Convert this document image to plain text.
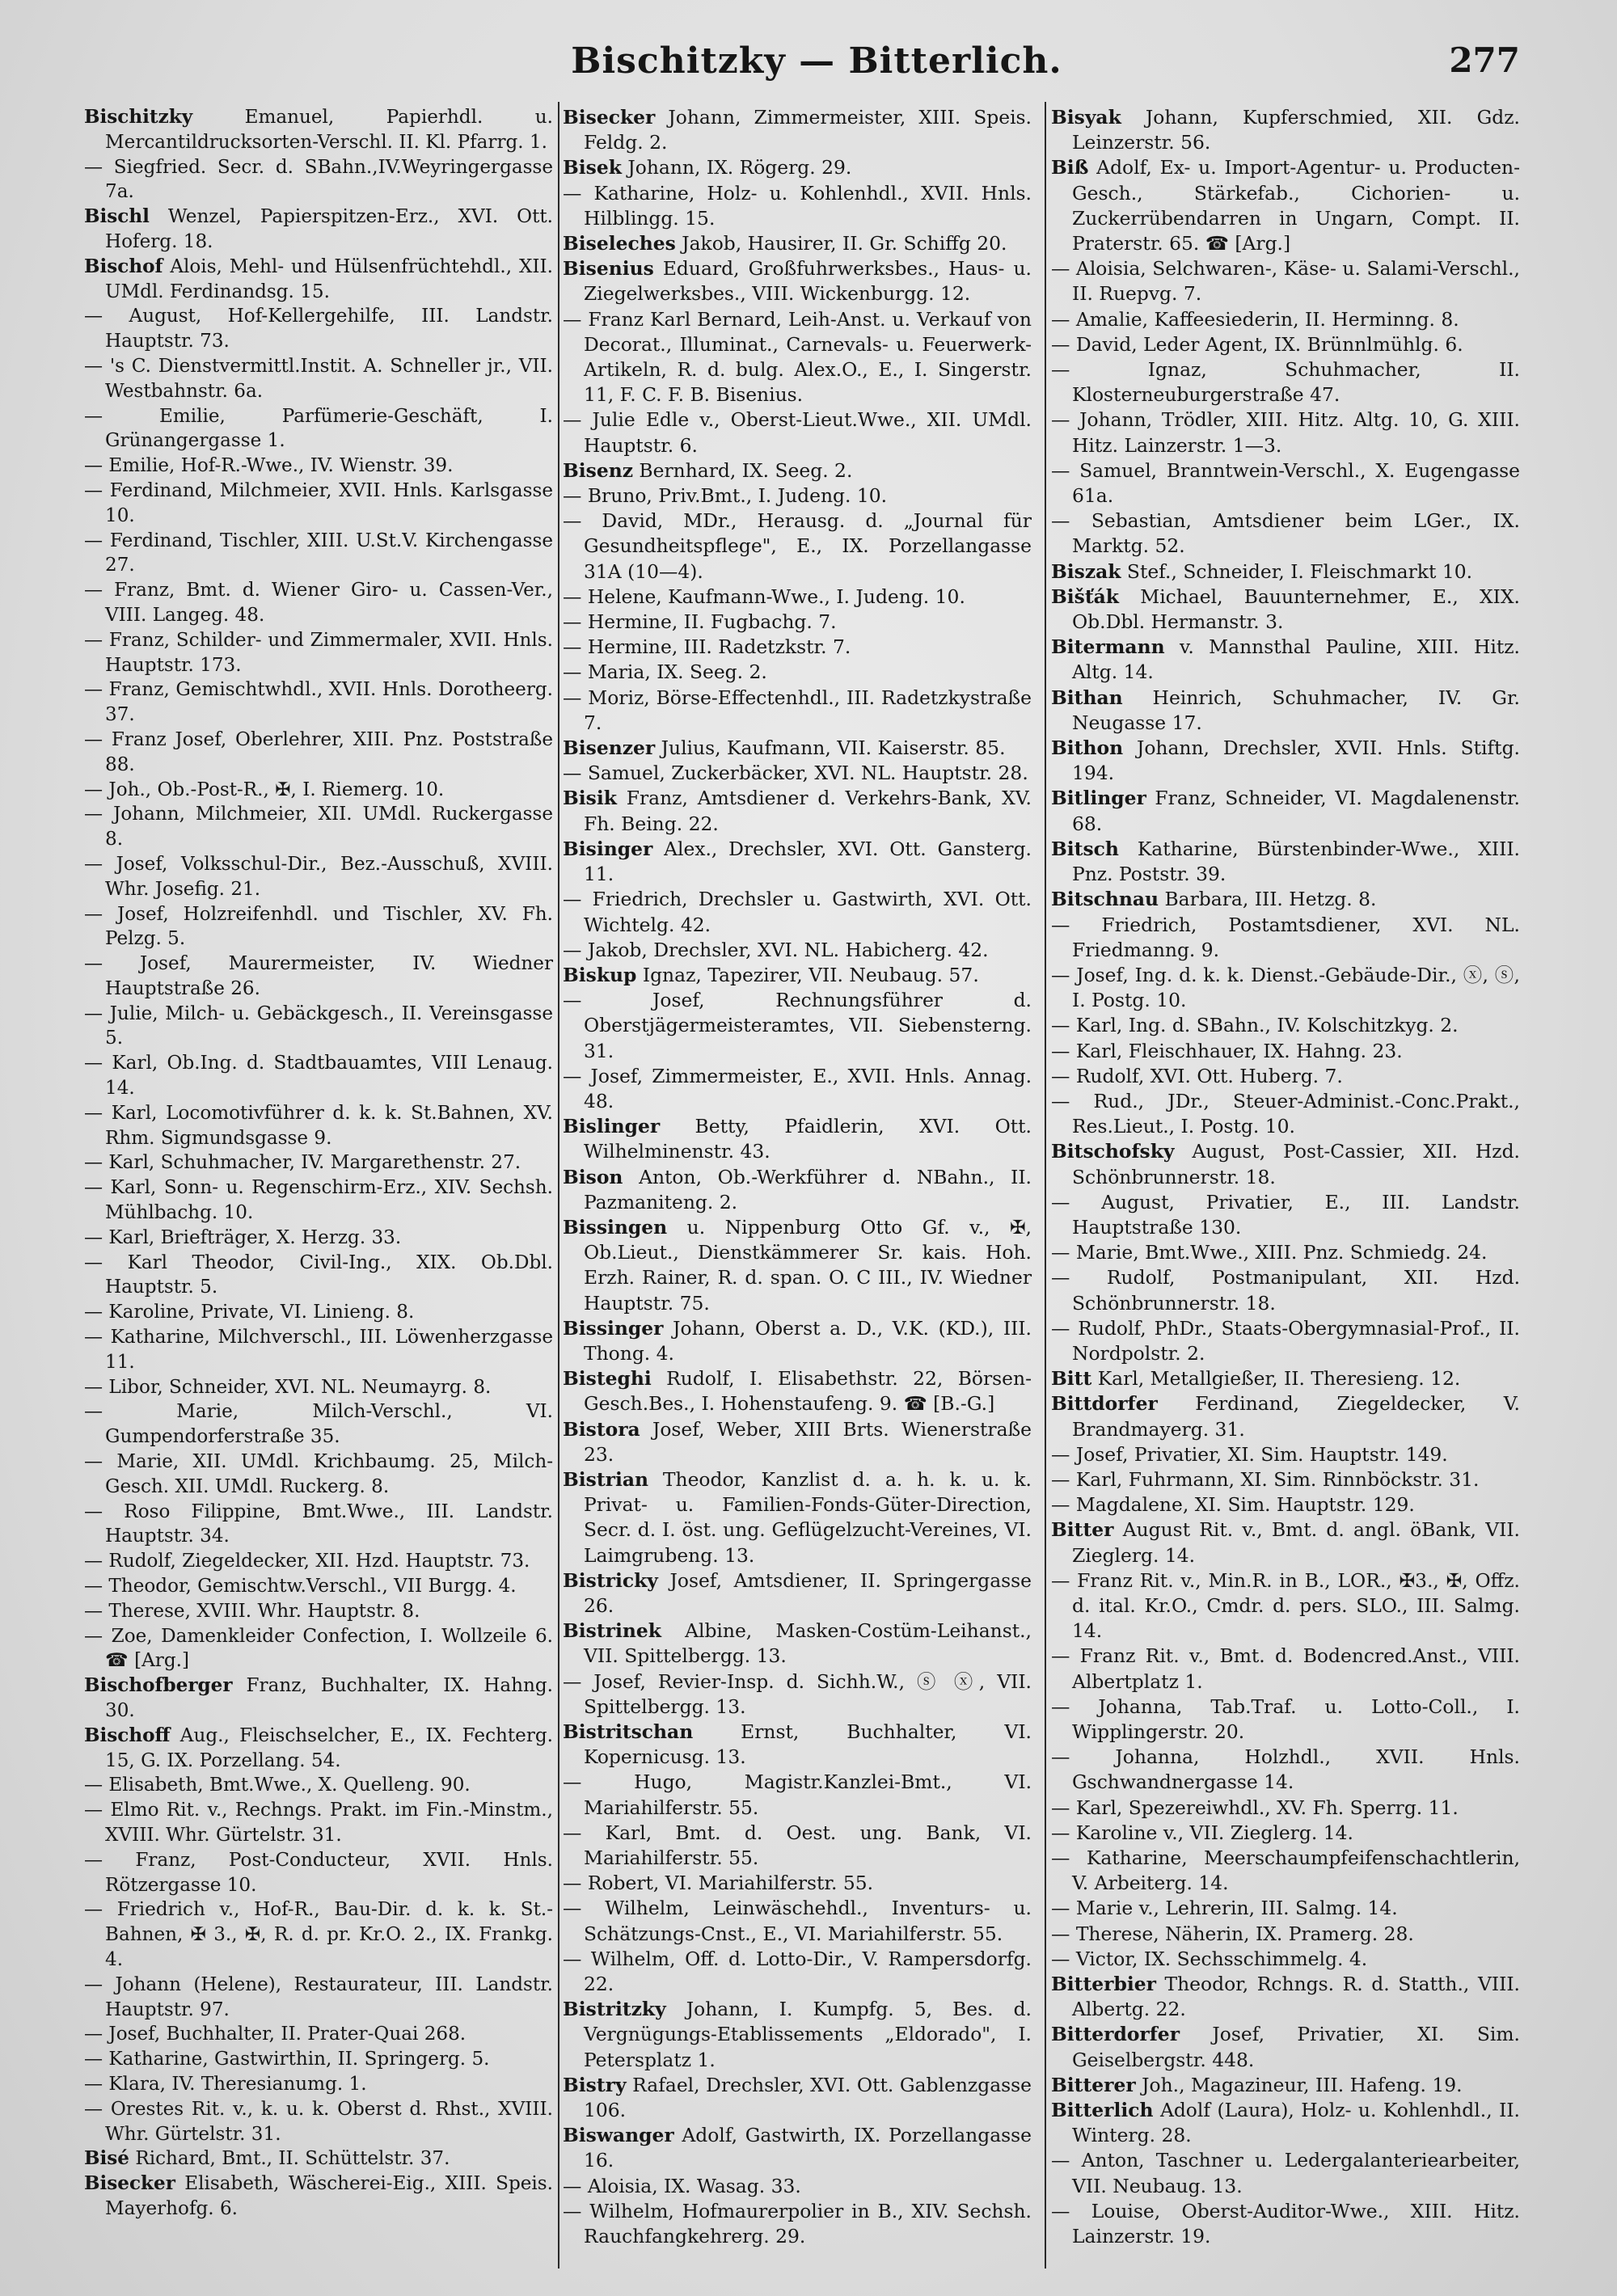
Bischitzky — Bitterlich.	277
Bischitzky Emanuel, Papierhdl. u. Mercantildrucksorten-Verschl. II. Kl. Pfarrg. 1.
— Siegfried. Secr. d. SBahn.,IV.Weyringergasse 7a.
Bischl Wenzel, Papierspitzen-Erz., XVI. Ott. Hoferg. 18.
Bischof Alois, Mehl- und Hülsenfrüchtehdl., XII. UMdl. Ferdinandsg. 15.
— August, Hof-Kellergehilfe, III. Landstr. Hauptstr. 73.
— 's C. Dienstvermittl.Instit. A. Schneller jr., VII. Westbahnstr. 6a.
— Emilie, Parfümerie-Geschäft, I. Grünangergasse 1.
— Emilie, Hof-R.-Wwe., IV. Wienstr. 39.
— Ferdinand, Milchmeier, XVII. Hnls. Karlsgasse 10.
— Ferdinand, Tischler, XIII. U.St.V. Kirchengasse 27.
— Franz, Bmt. d. Wiener Giro- u. Cassen-Ver., VIII. Langeg. 48.
— Franz, Schilder- und Zimmermaler, XVII. Hnls. Hauptstr. 173.
— Franz, Gemischtwhdl., XVII. Hnls. Dorotheerg. 37.
— Franz Josef, Oberlehrer, XIII. Pnz. Poststraße 88.
— Joh., Ob.-Post-R., ✠, I. Riemerg. 10.
— Johann, Milchmeier, XII. UMdl. Ruckergasse 8.
— Josef, Volksschul-Dir., Bez.-Ausschuß, XVIII. Whr. Josefig. 21.
— Josef, Holzreifenhdl. und Tischler, XV. Fh. Pelzg. 5.
— Josef, Maurermeister, IV. Wiedner Hauptstraße 26.
— Julie, Milch- u. Gebäckgesch., II. Vereinsgasse 5.
— Karl, Ob.Ing. d. Stadtbauamtes, VIII Lenaug. 14.
— Karl, Locomotivführer d. k. k. St.Bahnen, XV. Rhm. Sigmundsgasse 9.
— Karl, Schuhmacher, IV. Margarethenstr. 27.
— Karl, Sonn- u. Regenschirm-Erz., XIV. Sechsh. Mühlbachg. 10.
— Karl, Briefträger, X. Herzg. 33.
— Karl Theodor, Civil-Ing., XIX. Ob.Dbl. Hauptstr. 5.
— Karoline, Private, VI. Linieng. 8.
— Katharine, Milchverschl., III. Löwenherzgasse 11.
— Libor, Schneider, XVI. NL. Neumayrg. 8.
— Marie, Milch-Verschl., VI. Gumpendorferstraße 35.
— Marie, XII. UMdl. Krichbaumg. 25, Milch-Gesch. XII. UMdl. Ruckerg. 8.
— Roso Filippine, Bmt.Wwe., III. Landstr. Hauptstr. 34.
— Rudolf, Ziegeldecker, XII. Hzd. Hauptstr. 73.
— Theodor, Gemischtw.Verschl., VII Burgg. 4.
— Therese, XVIII. Whr. Hauptstr. 8.
— Zoe, Damenkleider Confection, I. Wollzeile 6. ☎ [Arg.]
Bischofberger Franz, Buchhalter, IX. Hahng. 30.
Bischoff Aug., Fleischselcher, E., IX. Fechterg. 15, G. IX. Porzellang. 54.
— Elisabeth, Bmt.Wwe., X. Quelleng. 90.
— Elmo Rit. v., Rechngs. Prakt. im Fin.-Minstm., XVIII. Whr. Gürtelstr. 31.
— Franz, Post-Conducteur, XVII. Hnls. Rötzergasse 10.
— Friedrich v., Hof-R., Bau-Dir. d. k. k. St.-Bahnen, ✠ 3., ✠, R. d. pr. Kr.O. 2., IX. Frankg. 4.
— Johann (Helene), Restaurateur, III. Landstr. Hauptstr. 97.
— Josef, Buchhalter, II. Prater-Quai 268.
— Katharine, Gastwirthin, II. Springerg. 5.
— Klara, IV. Theresianumg. 1.
— Orestes Rit. v., k. u. k. Oberst d. Rhst., XVIII. Whr. Gürtelstr. 31.
Bisé Richard, Bmt., II. Schüttelstr. 37.
Bisecker Elisabeth, Wäscherei-Eig., XIII. Speis. Mayerhofg. 6.
Bisecker Johann, Zimmermeister, XIII. Speis. Feldg. 2.
Bisek Johann, IX. Rögerg. 29.
— Katharine, Holz- u. Kohlenhdl., XVII. Hnls. Hilblingg. 15.
Biseleches Jakob, Hausirer, II. Gr. Schiffg 20.
Bisenius Eduard, Großfuhrwerksbes., Haus- u. Ziegelwerksbes., VIII. Wickenburgg. 12.
— Franz Karl Bernard, Leih-Anst. u. Verkauf von Decorat., Illuminat., Carnevals- u. Feuerwerk-Artikeln, R. d. bulg. Alex.O., E., I. Singerstr. 11, F. C. F. B. Bisenius.
— Julie Edle v., Oberst-Lieut.Wwe., XII. UMdl. Hauptstr. 6.
Bisenz Bernhard, IX. Seeg. 2.
— Bruno, Priv.Bmt., I. Judeng. 10.
— David, MDr., Herausg. d. „Journal für Gesundheitspflege", E., IX. Porzellangasse 31A (10—4).
— Helene, Kaufmann-Wwe., I. Judeng. 10.
— Hermine, II. Fugbachg. 7.
— Hermine, III. Radetzkstr. 7.
— Maria, IX. Seeg. 2.
— Moriz, Börse-Effectenhdl., III. Radetzkystraße 7.
Bisenzer Julius, Kaufmann, VII. Kaiserstr. 85.
— Samuel, Zuckerbäcker, XVI. NL. Hauptstr. 28.
Bisik Franz, Amtsdiener d. Verkehrs-Bank, XV. Fh. Being. 22.
Bisinger Alex., Drechsler, XVI. Ott. Gansterg. 11.
— Friedrich, Drechsler u. Gastwirth, XVI. Ott. Wichtelg. 42.
— Jakob, Drechsler, XVI. NL. Habicherg. 42.
Biskup Ignaz, Tapezirer, VII. Neubaug. 57.
— Josef, Rechnungsführer d. Oberstjägermeisteramtes, VII. Siebensterng. 31.
— Josef, Zimmermeister, E., XVII. Hnls. Annag. 48.
Bislinger Betty, Pfaidlerin, XVI. Ott. Wilhelminenstr. 43.
Bison Anton, Ob.-Werkführer d. NBahn., II. Pazmaniteng. 2.
Bissingen u. Nippenburg Otto Gf. v., ✠, Ob.Lieut., Dienstkämmerer Sr. kais. Hoh. Erzh. Rainer, R. d. span. O. C III., IV. Wiedner Hauptstr. 75.
Bissinger Johann, Oberst a. D., V.K. (KD.), III. Thong. 4.
Bisteghi Rudolf, I. Elisabethstr. 22, Börsen-Gesch.Bes., I. Hohenstaufeng. 9. ☎ [B.-G.]
Bistora Josef, Weber, XIII Brts. Wienerstraße 23.
Bistrian Theodor, Kanzlist d. a. h. k. u. k. Privat- u. Familien-Fonds-Güter-Direction, Secr. d. I. öst. ung. Geflügelzucht-Vereines, VI. Laimgrubeng. 13.
Bistricky Josef, Amtsdiener, II. Springergasse 26.
Bistrinek Albine, Masken-Costüm-Leihanst., VII. Spittelbergg. 13.
— Josef, Revier-Insp. d. Sichh.W., ⓢ ⓧ, VII. Spittelbergg. 13.
Bistritschan Ernst, Buchhalter, VI. Kopernicusg. 13.
— Hugo, Magistr.Kanzlei-Bmt., VI. Mariahilferstr. 55.
— Karl, Bmt. d. Oest. ung. Bank, VI. Mariahilferstr. 55.
— Robert, VI. Mariahilferstr. 55.
— Wilhelm, Leinwäschehdl., Inventurs- u. Schätzungs-Cnst., E., VI. Mariahilferstr. 55.
— Wilhelm, Off. d. Lotto-Dir., V. Rampersdorfg. 22.
Bistritzky Johann, I. Kumpfg. 5, Bes. d. Vergnügungs-Etablissements „Eldorado", I. Petersplatz 1.
Bistry Rafael, Drechsler, XVI. Ott. Gablenzgasse 106.
Biswanger Adolf, Gastwirth, IX. Porzellangasse 16.
— Aloisia, IX. Wasag. 33.
— Wilhelm, Hofmaurerpolier in B., XIV. Sechsh. Rauchfangkehrerg. 29.
Bisyak Johann, Kupferschmied, XII. Gdz. Leinzerstr. 56.
Biß Adolf, Ex- u. Import-Agentur- u. Producten-Gesch., Stärkefab., Cichorien- u. Zuckerrübendarren in Ungarn, Compt. II. Praterstr. 65. ☎ [Arg.]
— Aloisia, Selchwaren-, Käse- u. Salami-Verschl., II. Ruepvg. 7.
— Amalie, Kaffeesiederin, II. Herminng. 8.
— David, Leder Agent, IX. Brünnlmühlg. 6.
— Ignaz, Schuhmacher, II. Klosterneuburgerstraße 47.
— Johann, Trödler, XIII. Hitz. Altg. 10, G. XIII. Hitz. Lainzerstr. 1—3.
— Samuel, Branntwein-Verschl., X. Eugengasse 61a.
— Sebastian, Amtsdiener beim LGer., IX. Marktg. 52.
Biszak Stef., Schneider, I. Fleischmarkt 10.
Bišťák Michael, Bauunternehmer, E., XIX. Ob.Dbl. Hermanstr. 3.
Bitermann v. Mannsthal Pauline, XIII. Hitz. Altg. 14.
Bithan Heinrich, Schuhmacher, IV. Gr. Neugasse 17.
Bithon Johann, Drechsler, XVII. Hnls. Stiftg. 194.
Bitlinger Franz, Schneider, VI. Magdalenenstr. 68.
Bitsch Katharine, Bürstenbinder-Wwe., XIII. Pnz. Poststr. 39.
Bitschnau Barbara, III. Hetzg. 8.
— Friedrich, Postamtsdiener, XVI. NL. Friedmanng. 9.
— Josef, Ing. d. k. k. Dienst.-Gebäude-Dir., ⓧ, ⓢ, I. Postg. 10.
— Karl, Ing. d. SBahn., IV. Kolschitzkyg. 2.
— Karl, Fleischhauer, IX. Hahng. 23.
— Rudolf, XVI. Ott. Huberg. 7.
— Rud., JDr., Steuer-Administ.-Conc.Prakt., Res.Lieut., I. Postg. 10.
Bitschofsky August, Post-Cassier, XII. Hzd. Schönbrunnerstr. 18.
— August, Privatier, E., III. Landstr. Hauptstraße 130.
— Marie, Bmt.Wwe., XIII. Pnz. Schmiedg. 24.
— Rudolf, Postmanipulant, XII. Hzd. Schönbrunnerstr. 18.
— Rudolf, PhDr., Staats-Obergymnasial-Prof., II. Nordpolstr. 2.
Bitt Karl, Metallgießer, II. Theresieng. 12.
Bittdorfer Ferdinand, Ziegeldecker, V. Brandmayerg. 31.
— Josef, Privatier, XI. Sim. Hauptstr. 149.
— Karl, Fuhrmann, XI. Sim. Rinnböckstr. 31.
— Magdalene, XI. Sim. Hauptstr. 129.
Bitter August Rit. v., Bmt. d. angl. öBank, VII. Zieglerg. 14.
— Franz Rit. v., Min.R. in B., LOR., ✠3., ✠, Offz. d. ital. Kr.O., Cmdr. d. pers. SLO., III. Salmg. 14.
— Franz Rit. v., Bmt. d. Bodencred.Anst., VIII. Albertplatz 1.
— Johanna, Tab.Traf. u. Lotto-Coll., I. Wipplingerstr. 20.
— Johanna, Holzhdl., XVII. Hnls. Gschwandnergasse 14.
— Karl, Spezereiwhdl., XV. Fh. Sperrg. 11.
— Karoline v., VII. Zieglerg. 14.
— Katharine, Meerschaumpfeifenschachtlerin, V. Arbeiterg. 14.
— Marie v., Lehrerin, III. Salmg. 14.
— Therese, Näherin, IX. Pramerg. 28.
— Victor, IX. Sechsschimmelg. 4.
Bitterbier Theodor, Rchngs. R. d. Statth., VIII. Albertg. 22.
Bitterdorfer Josef, Privatier, XI. Sim. Geiselbergstr. 448.
Bitterer Joh., Magazineur, III. Hafeng. 19.
Bitterlich Adolf (Laura), Holz- u. Kohlenhdl., II. Winterg. 28.
— Anton, Taschner u. Ledergalanteriearbeiter, VII. Neubaug. 13.
— Louise, Oberst-Auditor-Wwe., XIII. Hitz. Lainzerstr. 19.
